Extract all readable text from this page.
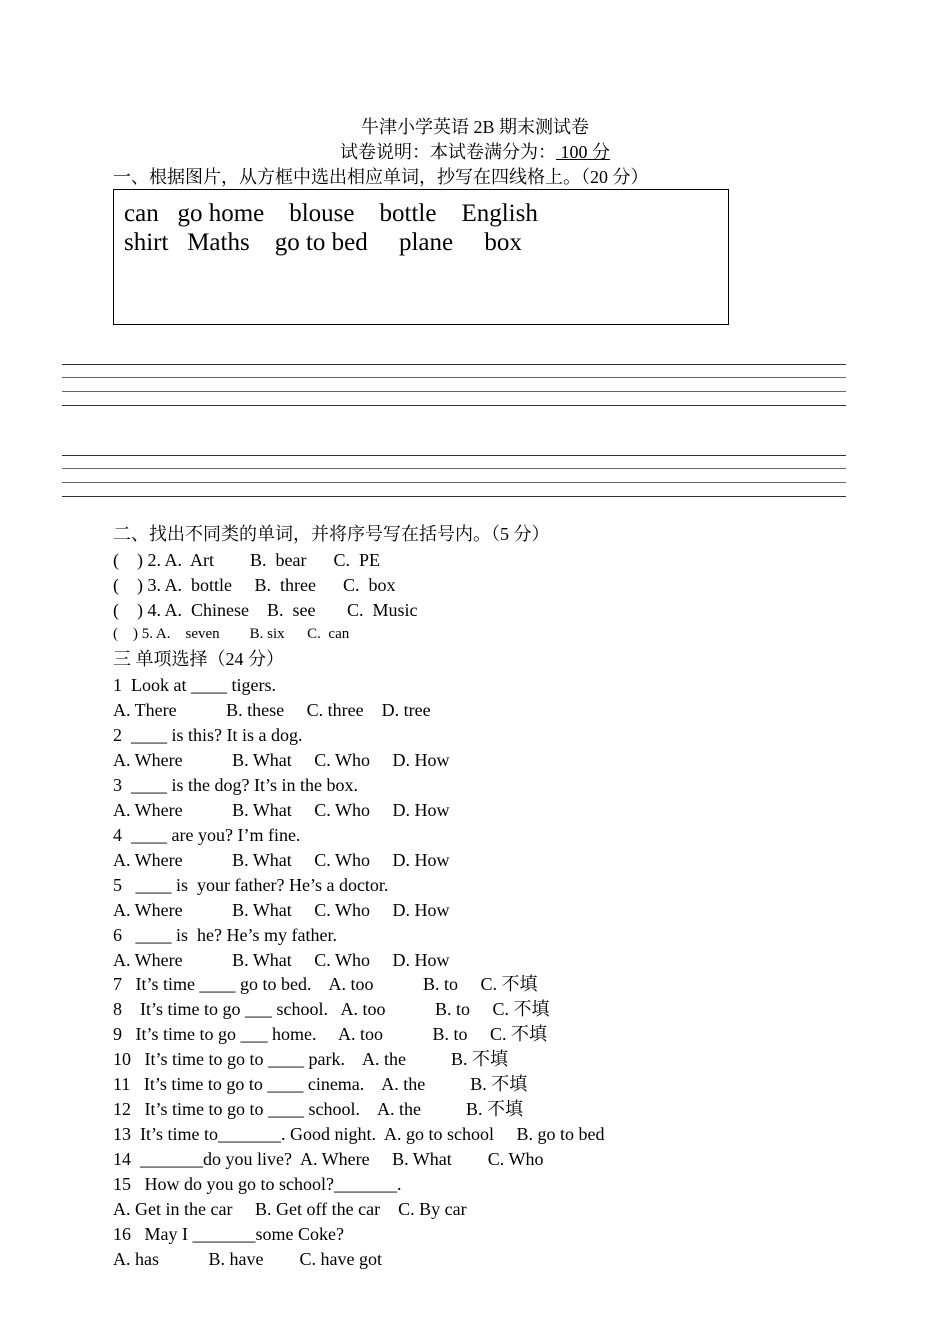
牛津小学英语 2B 期末测试卷
试卷说明：本试卷满分为： 100 分
一、根据图片，从方框中选出相应单词，抄写在四线格上。（20 分）
can   go home    blouse    bottle    English
shirt   Maths    go to bed     plane     box
二、找出不同类的单词，并将序号写在括号内。（5 分）
(    ) 2. A.  Art        B.  bear      C.  PE
(    ) 3. A.  bottle     B.  three      C.  box
(    ) 4. A.  Chinese    B.  see       C.  Music
(    ) 5. A.    seven        B. six      C.  can
三 单项选择（24 分）
1  Look at ____ tigers.
A. There           B. these     C. three    D. tree
2  ____ is this? It is a dog.
A. Where           B. What     C. Who     D. How
3  ____ is the dog? It’s in the box.
A. Where           B. What     C. Who     D. How
4  ____ are you? I’m fine.
A. Where           B. What     C. Who     D. How
5   ____ is  your father? He’s a doctor.
A. Where           B. What     C. Who     D. How
6   ____ is  he? He’s my father.
A. Where           B. What     C. Who     D. How
7   It’s time ____ go to bed.    A. too           B. to     C. 不填
8    It’s time to go ___ school.   A. too           B. to     C. 不填
9   It’s time to go ___ home.     A. too           B. to     C. 不填
10   It’s time to go to ____ park.    A. the          B. 不填
11   It’s time to go to ____ cinema.    A. the          B. 不填
12   It’s time to go to ____ school.    A. the          B. 不填
13  It’s time to_______. Good night.  A. go to school     B. go to bed
14  _______do you live?  A. Where     B. What        C. Who
15   How do you go to school?_______.
A. Get in the car     B. Get off the car    C. By car
16   May I _______some Coke?
A. has           B. have        C. have got
